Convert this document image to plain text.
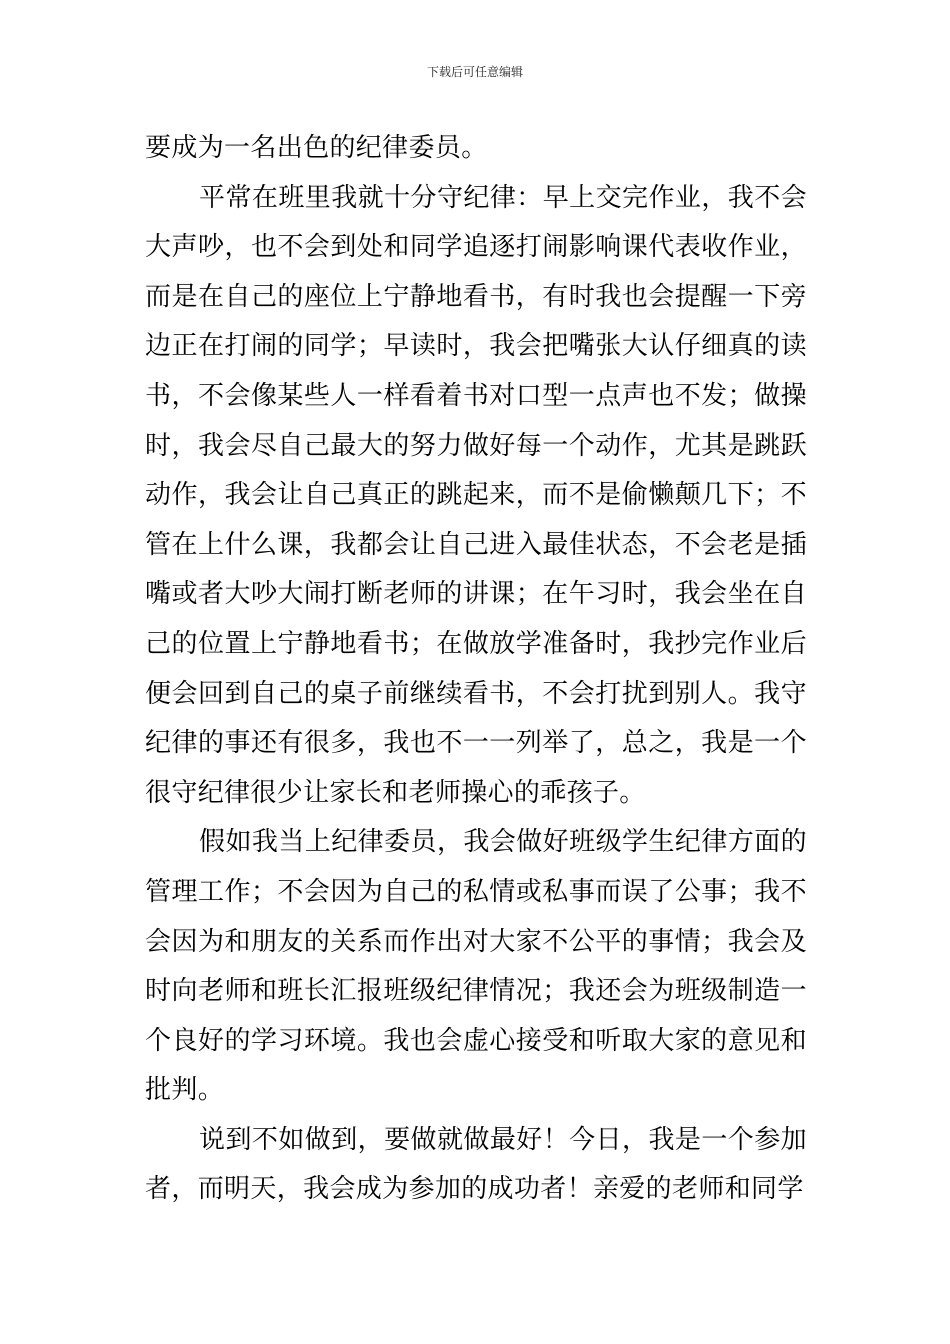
下载后可任意编辑

要成为一名出色的纪律委员。

平常在班里我就十分守纪律：早上交完作业，我不会大声吵，也不会到处和同学追逐打闹影响课代表收作业，而是在自己的座位上宁静地看书，有时我也会提醒一下旁边正在打闹的同学；早读时，我会把嘴张大认仔细真的读书，不会像某些人一样看着书对口型一点声也不发；做操时，我会尽自己最大的努力做好每一个动作，尤其是跳跃动作，我会让自己真正的跳起来，而不是偷懒颠几下；不管在上什么课，我都会让自己进入最佳状态，不会老是插嘴或者大吵大闹打断老师的讲课；在午习时，我会坐在自己的位置上宁静地看书；在做放学准备时，我抄完作业后便会回到自己的桌子前继续看书，不会打扰到别人。我守纪律的事还有很多，我也不一一列举了，总之，我是一个很守纪律很少让家长和老师操心的乖孩子。

假如我当上纪律委员，我会做好班级学生纪律方面的管理工作；不会因为自己的私情或私事而误了公事；我不会因为和朋友的关系而作出对大家不公平的事情；我会及时向老师和班长汇报班级纪律情况；我还会为班级制造一个良好的学习环境。我也会虚心接受和听取大家的意见和批判。

说到不如做到，要做就做最好！今日，我是一个参加者，而明天，我会成为参加的成功者！亲爱的老师和同学
